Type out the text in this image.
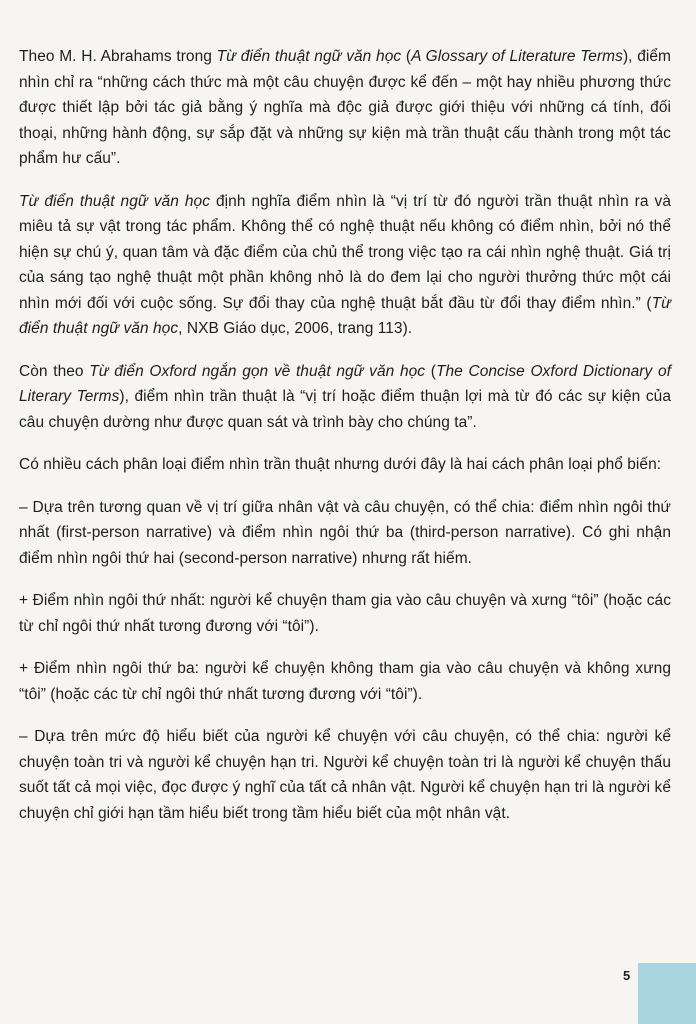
Theo M. H. Abrahams trong Từ điển thuật ngữ văn học (A Glossary of Literature Terms), điểm nhìn chỉ ra “những cách thức mà một câu chuyện được kể đến – một hay nhiều phương thức được thiết lập bởi tác giả bằng ý nghĩa mà độc giả được giới thiệu với những cá tính, đối thoại, những hành động, sự sắp đặt và những sự kiện mà trần thuật cấu thành trong một tác phẩm hư cấu”.

Từ điển thuật ngữ văn học định nghĩa điểm nhìn là “vị trí từ đó người trần thuật nhìn ra và miêu tả sự vật trong tác phẩm. Không thể có nghệ thuật nếu không có điểm nhìn, bởi nó thể hiện sự chú ý, quan tâm và đặc điểm của chủ thể trong việc tạo ra cái nhìn nghệ thuật. Giá trị của sáng tạo nghệ thuật một phần không nhỏ là do đem lại cho người thưởng thức một cái nhìn mới đối với cuộc sống. Sự đổi thay của nghệ thuật bắt đầu từ đổi thay điểm nhìn.” (Từ điển thuật ngữ văn học, NXB Giáo dục, 2006, trang 113).

Còn theo Từ điển Oxford ngắn gọn về thuật ngữ văn học (The Concise Oxford Dictionary of Literary Terms), điểm nhìn trần thuật là “vị trí hoặc điểm thuận lợi mà từ đó các sự kiện của câu chuyện dường như được quan sát và trình bày cho chúng ta”.

Có nhiều cách phân loại điểm nhìn trần thuật nhưng dưới đây là hai cách phân loại phổ biến:

– Dựa trên tương quan về vị trí giữa nhân vật và câu chuyện, có thể chia: điểm nhìn ngôi thứ nhất (first-person narrative) và điểm nhìn ngôi thứ ba (third-person narrative). Có ghi nhận điểm nhìn ngôi thứ hai (second-person narrative) nhưng rất hiếm.

+ Điểm nhìn ngôi thứ nhất: người kể chuyện tham gia vào câu chuyện và xưng “tôi” (hoặc các từ chỉ ngôi thứ nhất tương đương với “tôi”).

+ Điểm nhìn ngôi thứ ba: người kể chuyện không tham gia vào câu chuyện và không xưng “tôi” (hoặc các từ chỉ ngôi thứ nhất tương đương với “tôi”).

– Dựa trên mức độ hiểu biết của người kể chuyện với câu chuyện, có thể chia: người kể chuyện toàn tri và người kể chuyện hạn tri. Người kể chuyện toàn tri là người kể chuyện thấu suốt tất cả mọi việc, đọc được ý nghĩ của tất cả nhân vật. Người kể chuyện hạn tri là người kể chuyện chỉ giới hạn tầm hiểu biết trong tầm hiểu biết của một nhân vật.

5
